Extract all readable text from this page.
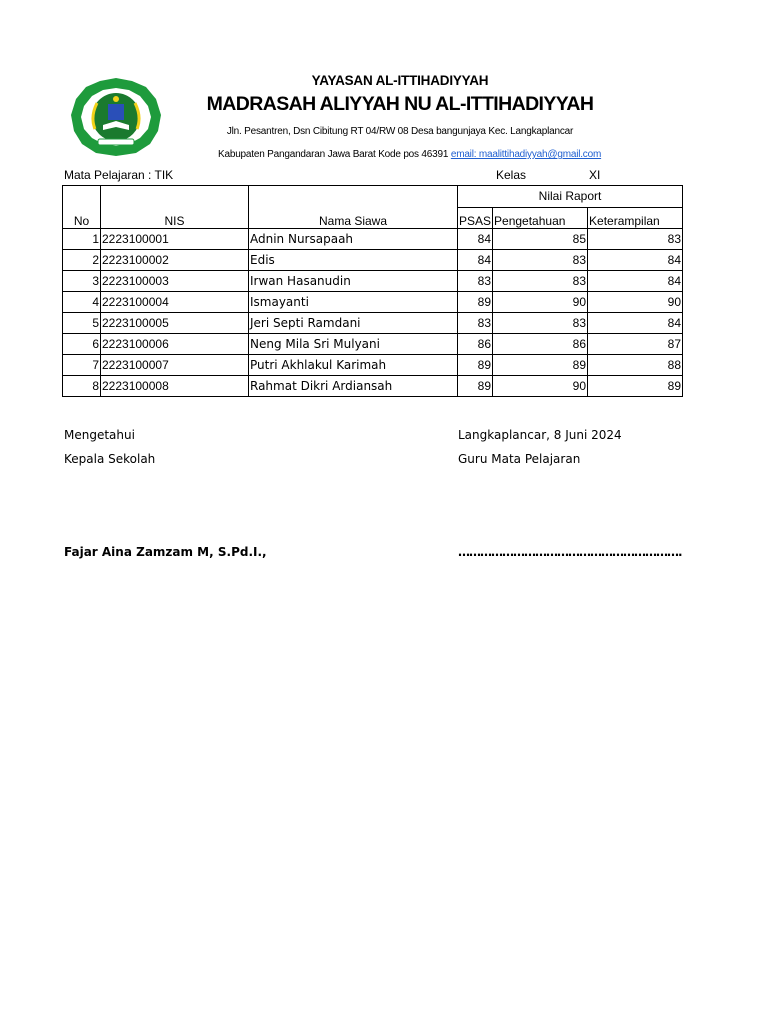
YAYASAN AL-ITTIHADIYYAH
MADRASAH ALIYYAH NU AL-ITTIHADIYYAH
Jln. Pesantren, Dsn Cibitung RT 04/RW 08 Desa bangunjaya Kec. Langkaplancar
Kabupaten Pangandaran Jawa Barat Kode pos 46391 email: maalittihadiyyah@gmail.com
Mata Pelajaran : TIK	Kelas	XI
No	NIS	Nama Siawa	Nilai Raport		
			PSAS	Pengetahuan	Keterampilan
1	2223100001	Adnin Nursapaah	84	85	83
2	2223100002	Edis	84	83	84
3	2223100003	Irwan Hasanudin	83	83	84
4	2223100004	Ismayanti	89	90	90
5	2223100005	Jeri Septi Ramdani	83	83	84
6	2223100006	Neng Mila Sri Mulyani	86	86	87
7	2223100007	Putri Akhlakul Karimah	89	89	88
8	2223100008	Rahmat Dikri Ardiansah	89	90	89
Mengetahui
Kepala Sekolah
Langkaplancar, 8 Juni 2024
Guru Mata Pelajaran
Fajar Aina Zamzam M, S.Pd.I.,	…………………………………………………….
